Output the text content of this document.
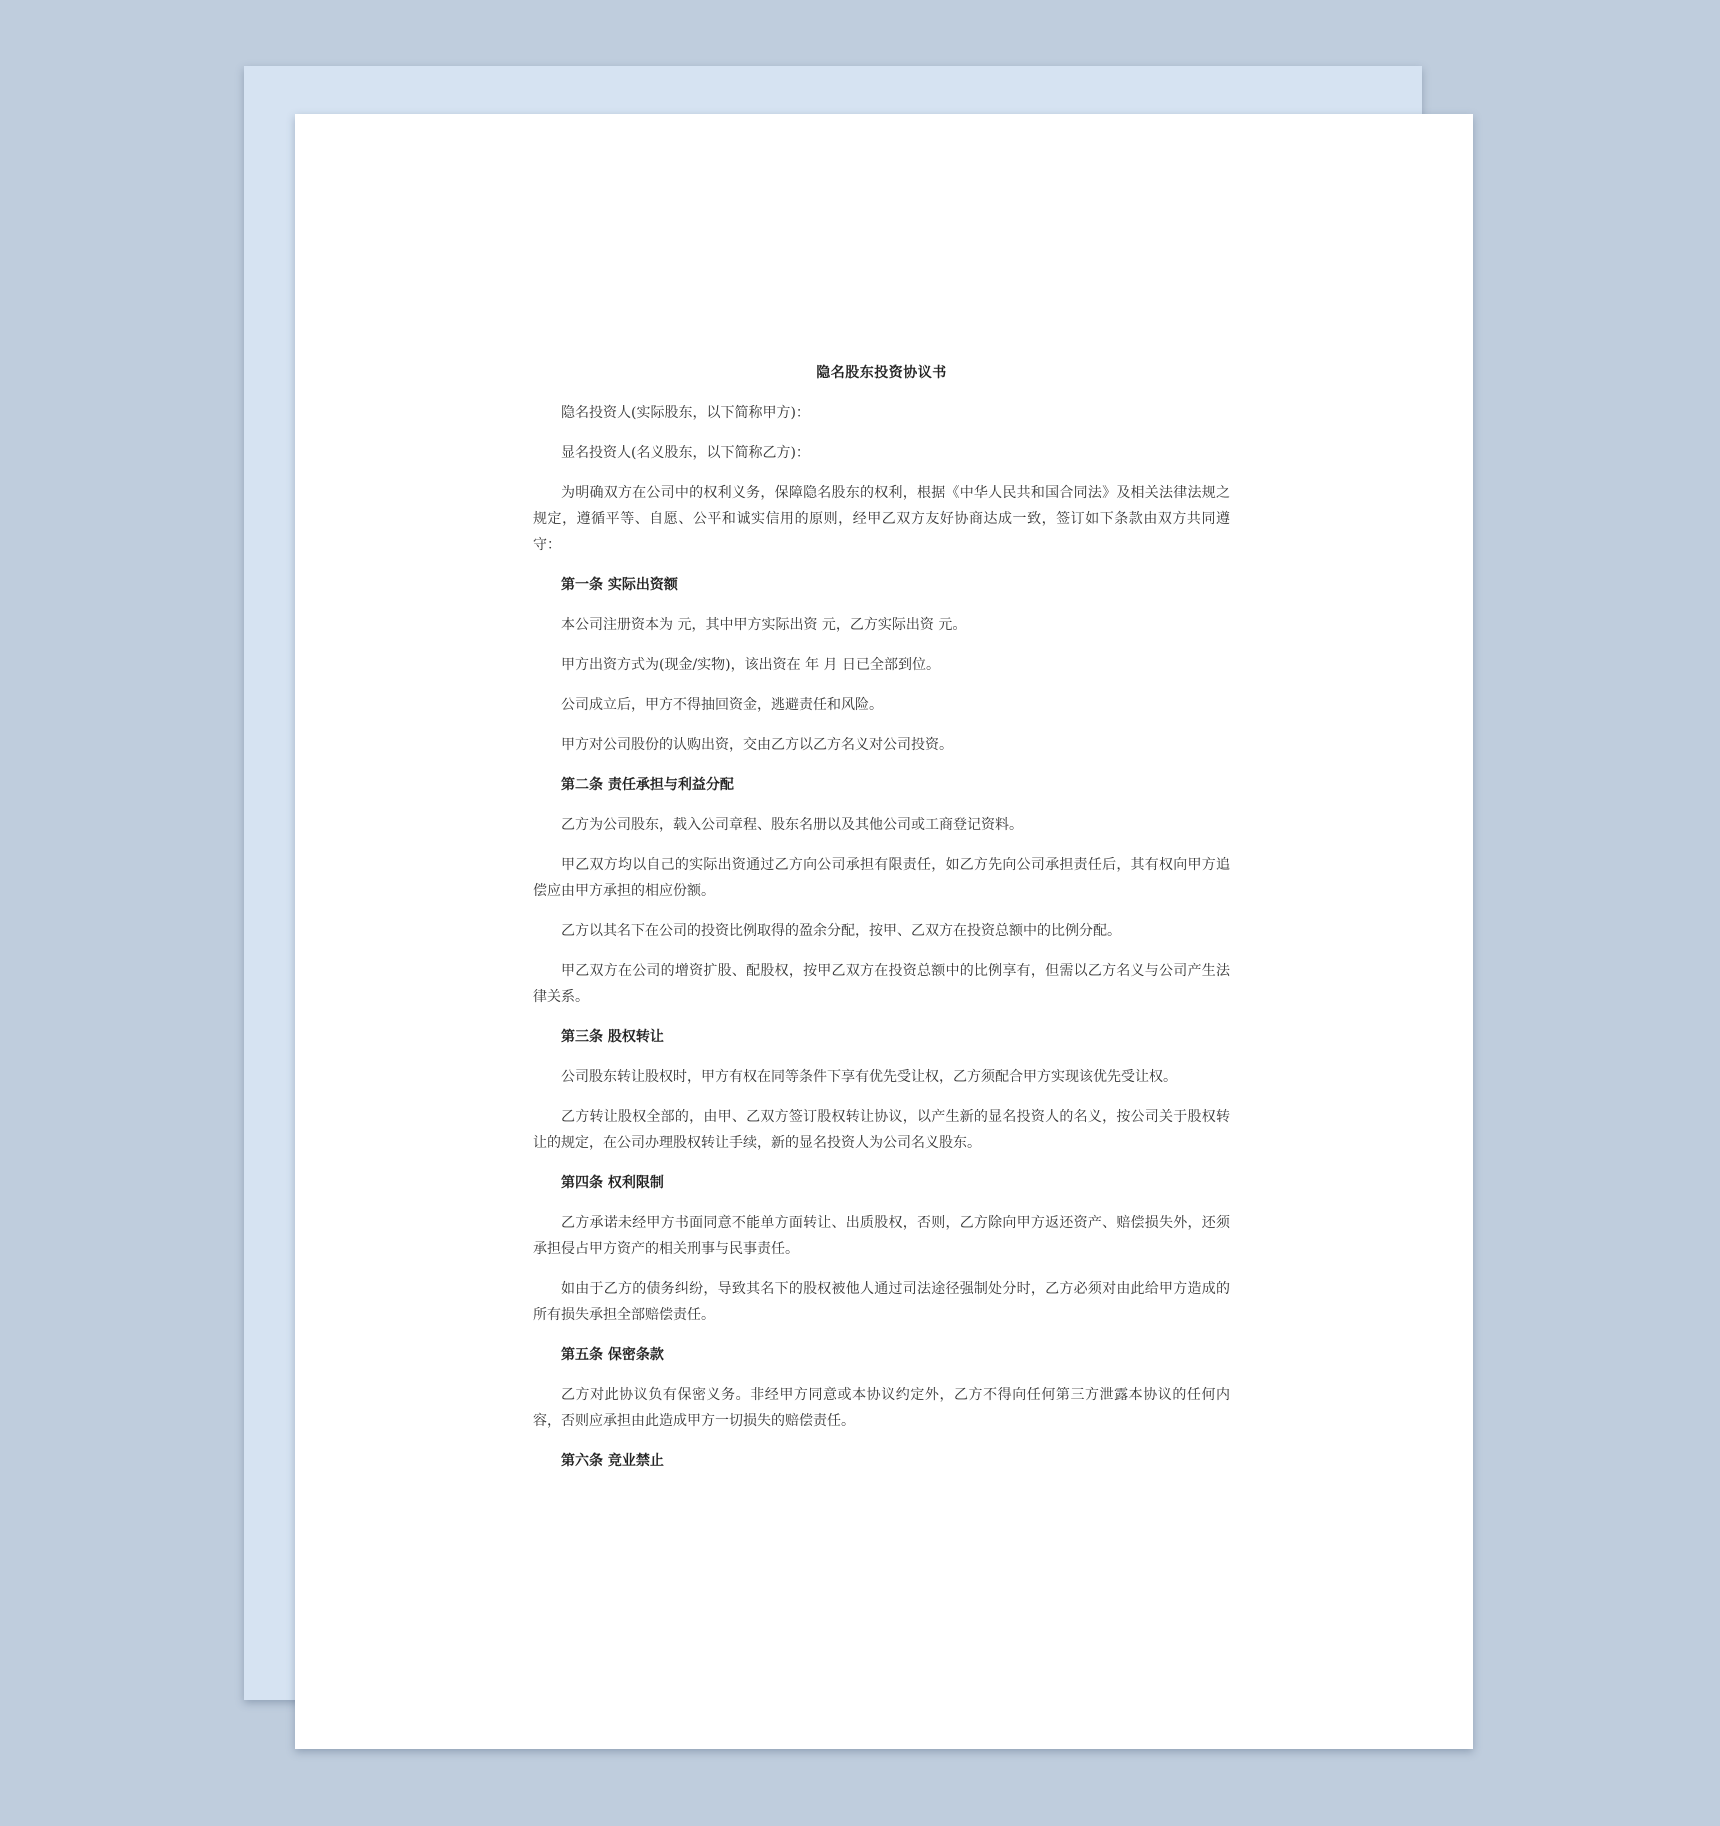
隐名股东投资协议书

隐名投资人(实际股东，以下简称甲方)：

显名投资人(名义股东，以下简称乙方)：

为明确双方在公司中的权利义务，保障隐名股东的权利，根据《中华人民共和国合同法》及相关法律法规之规定，遵循平等、自愿、公平和诚实信用的原则，经甲乙双方友好协商达成一致，签订如下条款由双方共同遵守：

第一条 实际出资额

本公司注册资本为 元，其中甲方实际出资 元，乙方实际出资 元。

甲方出资方式为(现金/实物)，该出资在 年 月 日已全部到位。

公司成立后，甲方不得抽回资金，逃避责任和风险。

甲方对公司股份的认购出资，交由乙方以乙方名义对公司投资。

第二条 责任承担与利益分配

乙方为公司股东，载入公司章程、股东名册以及其他公司或工商登记资料。

甲乙双方均以自己的实际出资通过乙方向公司承担有限责任，如乙方先向公司承担责任后，其有权向甲方追偿应由甲方承担的相应份额。

乙方以其名下在公司的投资比例取得的盈余分配，按甲、乙双方在投资总额中的比例分配。

甲乙双方在公司的增资扩股、配股权，按甲乙双方在投资总额中的比例享有，但需以乙方名义与公司产生法律关系。

第三条 股权转让

公司股东转让股权时，甲方有权在同等条件下享有优先受让权，乙方须配合甲方实现该优先受让权。

乙方转让股权全部的，由甲、乙双方签订股权转让协议，以产生新的显名投资人的名义，按公司关于股权转让的规定，在公司办理股权转让手续，新的显名投资人为公司名义股东。

第四条 权利限制

乙方承诺未经甲方书面同意不能单方面转让、出质股权，否则，乙方除向甲方返还资产、赔偿损失外，还须承担侵占甲方资产的相关刑事与民事责任。

如由于乙方的债务纠纷，导致其名下的股权被他人通过司法途径强制处分时，乙方必须对由此给甲方造成的所有损失承担全部赔偿责任。

第五条 保密条款

乙方对此协议负有保密义务。非经甲方同意或本协议约定外，乙方不得向任何第三方泄露本协议的任何内容，否则应承担由此造成甲方一切损失的赔偿责任。

第六条 竞业禁止
